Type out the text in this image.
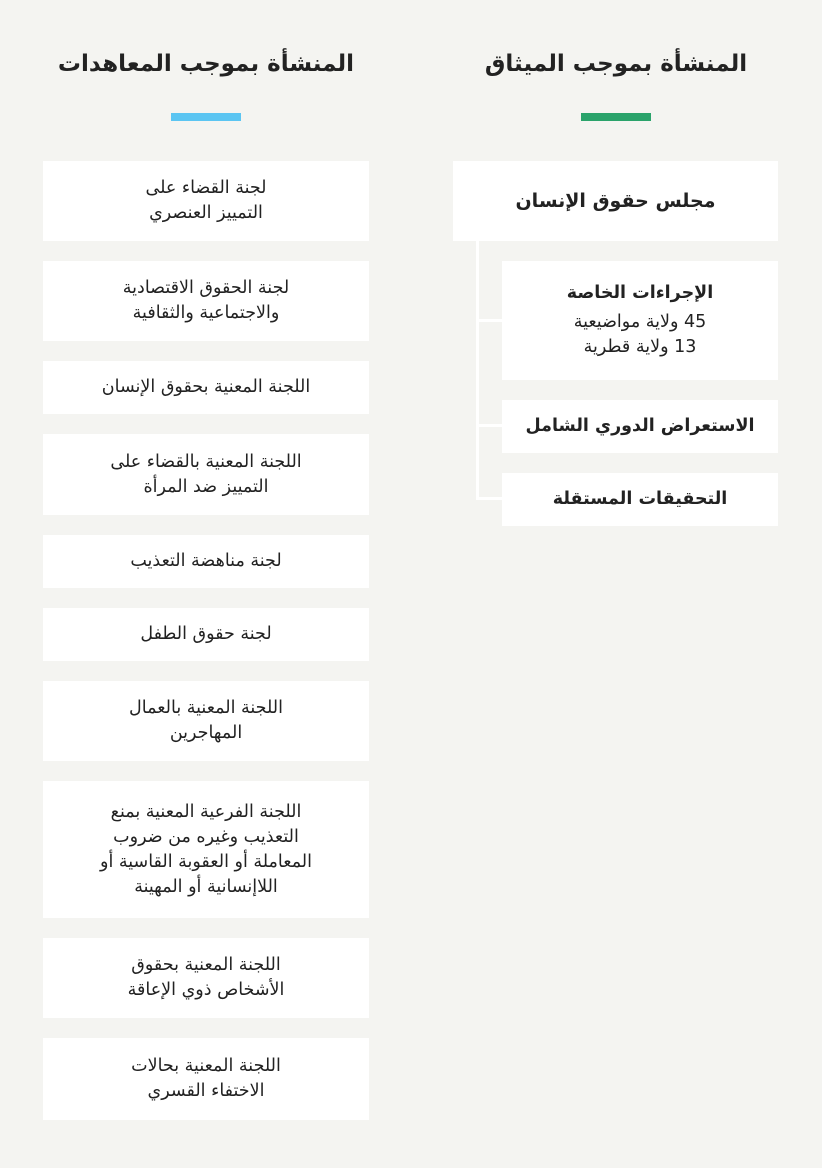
المنشأة بموجب المعاهدات	المنشأة بموجب الميثاق
مجلس حقوق الإنسان
الإجراءات الخاصة
45 ولاية مواضيعية
13 ولاية قطرية
الاستعراض الدوري الشامل
التحقيقات المستقلة
لجنة القضاء على
التمييز العنصري
لجنة الحقوق الاقتصادية
والاجتماعية والثقافية
اللجنة المعنية بحقوق الإنسان
اللجنة المعنية بالقضاء على
التمييز ضد المرأة
لجنة مناهضة التعذيب
لجنة حقوق الطفل
اللجنة المعنية بالعمال
المهاجرين
اللجنة الفرعية المعنية بمنع
التعذيب وغيره من ضروب
المعاملة أو العقوبة القاسية أو
اللاإنسانية أو المهينة
اللجنة المعنية بحقوق
الأشخاص ذوي الإعاقة
اللجنة المعنية بحالات
الاختفاء القسري
